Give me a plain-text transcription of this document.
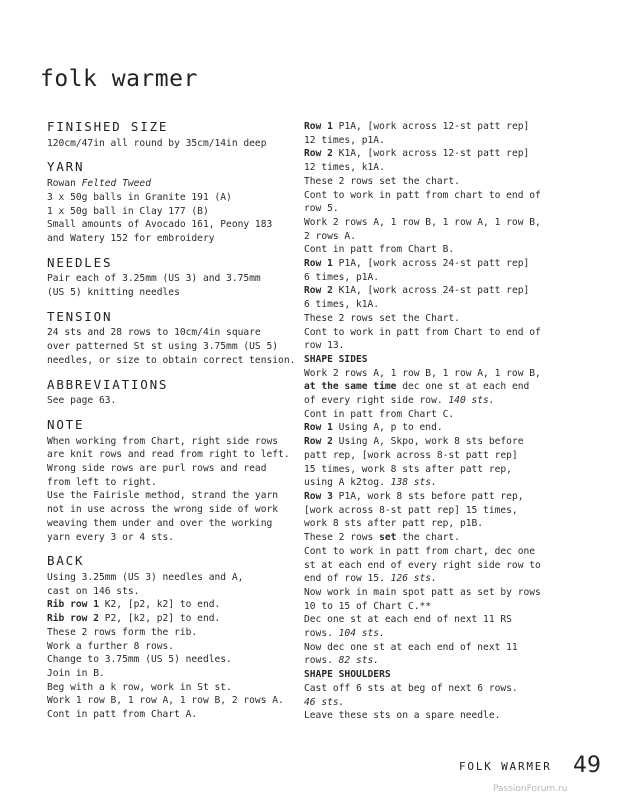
folk warmer
FINISHED SIZE
120cm/47in all round by 35cm/14in deep
YARN
Rowan Felted Tweed
3 x 50g balls in Granite 191 (A)
1 x 50g ball in Clay 177 (B)
Small amounts of Avocado 161, Peony 183
and Watery 152 for embroidery
NEEDLES
Pair each of 3.25mm (US 3) and 3.75mm
(US 5) knitting needles
TENSION
24 sts and 28 rows to 10cm/4in square
over patterned St st using 3.75mm (US 5)
needles, or size to obtain correct tension.
ABBREVIATIONS
See page 63.
NOTE
When working from Chart, right side rows
are knit rows and read from right to left.
Wrong side rows are purl rows and read
from left to right.
Use the Fairisle method, strand the yarn
not in use across the wrong side of work
weaving them under and over the working
yarn every 3 or 4 sts.
BACK
Using 3.25mm (US 3) needles and A,
cast on 146 sts.
Rib row 1 K2, [p2, k2] to end.
Rib row 2 P2, [k2, p2] to end.
These 2 rows form the rib.
Work a further 8 rows.
Change to 3.75mm (US 5) needles.
Join in B.
Beg with a k row, work in St st.
Work 1 row B, 1 row A, 1 row B, 2 rows A.
Cont in patt from Chart A.
Row 1 P1A, [work across 12-st patt rep]
12 times, p1A.
Row 2 K1A, [work across 12-st patt rep]
12 times, k1A.
These 2 rows set the chart.
Cont to work in patt from chart to end of
row 5.
Work 2 rows A, 1 row B, 1 row A, 1 row B,
2 rows A.
Cont in patt from Chart B.
Row 1 P1A, [work across 24-st patt rep]
6 times, p1A.
Row 2 K1A, [work across 24-st patt rep]
6 times, k1A.
These 2 rows set the Chart.
Cont to work in patt from Chart to end of
row 13.
SHAPE SIDES
Work 2 rows A, 1 row B, 1 row A, 1 row B,
at the same time dec one st at each end
of every right side row. 140 sts.
Cont in patt from Chart C.
Row 1 Using A, p to end.
Row 2 Using A, Skpo, work 8 sts before
patt rep, [work across 8-st patt rep]
15 times, work 8 sts after patt rep,
using A k2tog. 138 sts.
Row 3 P1A, work 8 sts before patt rep,
[work across 8-st patt rep] 15 times,
work 8 sts after patt rep, p1B.
These 2 rows set the chart.
Cont to work in patt from chart, dec one
st at each end of every right side row to
end of row 15. 126 sts.
Now work in main spot patt as set by rows
10 to 15 of Chart C.**
Dec one st at each end of next 11 RS
rows. 104 sts.
Now dec one st at each end of next 11
rows. 82 sts.
SHAPE SHOULDERS
Cast off 6 sts at beg of next 6 rows.
46 sts.
Leave these sts on a spare needle.
FOLK WARMER 49
PassionForum.ru
